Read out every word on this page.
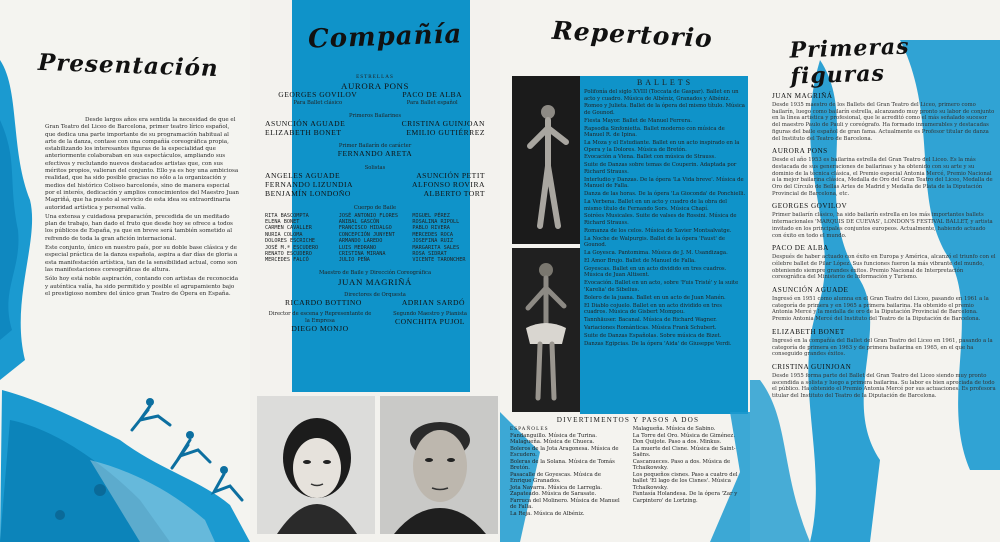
Presentación

Desde largos años era sentida la necesidad de que el Gran Teatro del Liceo de Barcelona, primer teatro lírico español, que dedica una parte importante de su programación habitual al arte de la danza, contase con una compañía coreográfica propia, estabilizando los interesantes figuras de la especialidad que anteriormente colaboraban en sus espectáculos, ampliando sus efectivos y reclutando nuevos destacados artistas que, con sus méritos propios, valieran del conjunto. Ello ya es hoy una ambiciosa realidad, que ha sido posible gracias no sólo a la organización y medios del histórico Coliseo barcelonés, sino de manera especial por el interés, dedicación y amplios conocimientos del Maestro Juan Magriñá, que ha puesto al servicio de esta idea su extraordinaria autoridad artística y personal valía.

Una extensa y cuidadosa preparación, precedida de un meditado plan de trabajo, han dado el fruto que desde hoy se ofrece a todos los públicos de España, ya que en breve será también sometido al refrendo de toda la gran afición internacional.

Este conjunto, único en nuestro país, por su doble base clásica y de especial práctica de la danza española, aspira a dar días de gloria a esta manifestación artística, tan de la sensibilidad actual, como son las manifestaciones coreográficas de altura.

Sólo hoy está noble aspiración, contando con artistas de reconocida y auténtica valía, ha sido permitido y posible el agrupamiento bajo el prestigioso nombre del único gran Teatro de Ópera en España.

Compañía
ESTRELLAS
AURORA PONS
GEORGES GOVILOV
Para Ballet clásico
PACO DE ALBA
Para Ballet español
Primeros Bailarines
ASUNCIÓN AGUADE	CRISTINA GUINJOAN
ELIZABETH BONET	EMILIO GUTIÉRREZ
Primer Bailarín de carácter
FERNANDO ARETA
Solistas
ANGELES AGUADE	ASUNCIÓN PETIT
FERNANDO LIZUNDIA	ALFONSO ROVIRA
BENJAMÍN LONDOÑO	ALBERTO TORT
Cuerpo de Baile
RITA BASCOMPTA	JOSÉ ANTONIO FLORES	MIGUEL PÉREZ
ELENA BONET	ANIBAL GASCÓN	ROSALINA RIPOLL
CARMEN CAVALLER	FRANCISCO HIDALGO	PABLO RIVERA
NURIA COLOMA	CONCEPCIÓN JUNYENT	MERCEDES ROCA
DOLORES ESCRICHE	ARMANDO LAREDO	JOSEFINA RUIZ
JOSÉ M.ª ESCUDERO	LUIS MEDRANO	MARGARITA SALES
RENATO ESCUDERO	CRISTINA MIRANA	ROSA SIDRAT
MERCEDES FALCÓ	JULIO PEÑA	VICENTE TARONCHER
Maestro de Baile y Dirección Coreográfica
JUAN MAGRIÑÁ
Directores de Orquesta
RICARDO BOTTINO	ADRIAN SARDÓ
Director de escena y Representante de la Empresa
DIEGO MONJO
Segundo Maestro y Pianista
CONCHITA PUJOL
Repertorio
BALLETS
Polifonía del siglo XVIII (Toccata de Gaspar). Ballet en un acto y cuadro. Música de Albéniz, Granados y Albéniz.
Romeo y Julieta. Ballet de la ópera del mismo título. Música de Gounod.
Fiesta Mayor. Ballet de Manuel Ferrera.
Rapsodia Sinfonietta. Ballet moderno con música de Manuel R. de Ipina.
La Moza y el Estudiante. Ballet en un acto inspirado en la Opera y la Dolores. Música de Bretón.
Evocación a Viena. Ballet con música de Strauss.
Suite de Danzas sobre temas de Couperin. Adaptada por Richard Strauss.
Interludio y Danzas. De la ópera 'La Vida breve'. Música de Manuel de Falla.
Danza de las horas. De la ópera 'La Gioconda' de Ponchielli.
La Verbena. Ballet en un acto y cuadro de la obra del mismo título de Fernando Sors. Música Chapí.
Soirées Musicales. Suite de valses de Rossini. Música de Richard Strauss.
Romanza de los celos. Música de Xavier Montsalvatge.
La Noche de Walpurgis. Ballet de la ópera 'Faust' de Gounod.
La Goyesca. Pantomima. Música de J. M. Usandizaga.
El Amor Brujo. Ballet de Manuel de Falla.
Goyescas. Ballet en un acto dividido en tres cuadros. Música de Juan Altisent.
Evocación. Ballet en un acto, sobre 'Fuis Tristé' y la suite 'Karelia' de Sibelius.
Bolero de la juana. Ballet en un acto de Juan Manén.
El Diablo cojuelo. Ballet en un acto dividido en tres cuadros. Música de Gisbert Mompou.
Tannhäuser. Bacanal. Música de Richard Wagner.
Variaciones Románticas. Música Frank Schubert.
Suite de Danzas Españolas. Sobre música de Bizet.
Danzas Egipcias. De la ópera 'Aida' de Giuseppe Verdi.
DIVERTIMENTOS Y PASOS A DOS
ESPAÑOLES
Fandanguillo. Música de Turina.
Malagueña. Música de Chueca.
Boleros de la Jota Aragonesa. Música de Escudero.
Boleras de la Solana. Música de Tomás Bretón.
Pasacalle de Goyescas. Música de Enrique Granados.
Jota Navarra. Música de Larregla.
Zapateado. Música de Sarasate.
Farruca del Molinero. Música de Manuel de Falla.
La Reja. Música de Albéniz.
Malagueña. Música de Sabino.
La Torre del Oro. Música de Giménez.
Don Quijote. Paso a dos. Minkus.
La muerte del Cisne. Música de Saint-Saëns.
Cascanueces. Paso a dos. Música de Tchaikowsky.
Los pequeños cisnes. Paso a cuatro del ballet 'El lago de los Cisnes'. Música Tchaikowsky.
Fantasía Holandesa. De la ópera 'Zar y Carpintero' de Lortzing.
Primeras figuras
JUAN MAGRIÑÁ
Desde 1935 maestro de los Ballets del Gran Teatro del Liceo, primero como bailarín, luego como bailarín estrella, alcanzando muy pronto su labor de conjunto en la línea artística y profesional, que le acreditó como el más señalado sucesor del maestro Paulo de Pauli y coreógrafo. Ha formado innumerables y destacadas figuras del baile español de gran fama. Actualmente es Profesor titular de danza del Instituto del Teatro de Barcelona.
AURORA PONS
Desde el año 1953 es bailarina estrella del Gran Teatro del Liceo. Es la más destacada de sus generaciones de bailarinas y ha obtenido con su arte y su dominio de la técnica clásica, el Premio especial Antonia Mercé, Premio Nacional a la mejor bailarina clásica, Medalla de Oro del Gran Teatro del Liceo, Medalla de Oro del Círculo de Bellas Artes de Madrid y Medalla de Plata de la Diputación Provincial de Barcelona, etc.
GEORGES GOVILOV
Primer bailarín clásico, ha sido bailarín estrella en los más importantes ballets internacionales 'MARQUIS DE CUEVAS', LONDON'S FESTIVAL BALLET, y artista invitado en los principales conjuntos europeos. Actualmente, habiendo actuado con éxito en todo el mundo.
PACO DE ALBA
Después de haber actuado con éxito en Europa y América, alcanzó el triunfo con el célebre ballet de Pilar López. Sus funciones fueron la más vibrante del mundo, obteniendo siempre grandes éxitos. Premio Nacional de Interpretación coreográfica del Ministerio de Información y Turismo.
ASUNCIÓN AGUADE
Ingresó en 1951 como alumna en el Gran Teatro del Liceo, pasando en 1961 a la categoría de primera y en 1965 a primera bailarina. Ha obtenido el premio Antonia Mercé y la medalla de oro de la Diputación Provincial de Barcelona. Premio Antonia Mercé del Instituto del Teatro de la Diputación de Barcelona.
ELIZABETH BONET
Ingresó en la compañía del Ballet del Gran Teatro del Liceo en 1961, pasando a la categoría de primera en 1963 y de primera bailarina en 1965, en el que ha conseguido grandes éxitos.
CRISTINA GUINJOAN
Desde 1955 forma parte del Ballet del Gran Teatro del Liceo siendo muy pronto ascendida a solista y luego a primera bailarina. Su labor es bien apreciada de todo el público. Ha obtenido el Premio Antonia Mercé por sus actuaciones. Es profesora titular del Instituto del Teatro de la Diputación de Barcelona.
